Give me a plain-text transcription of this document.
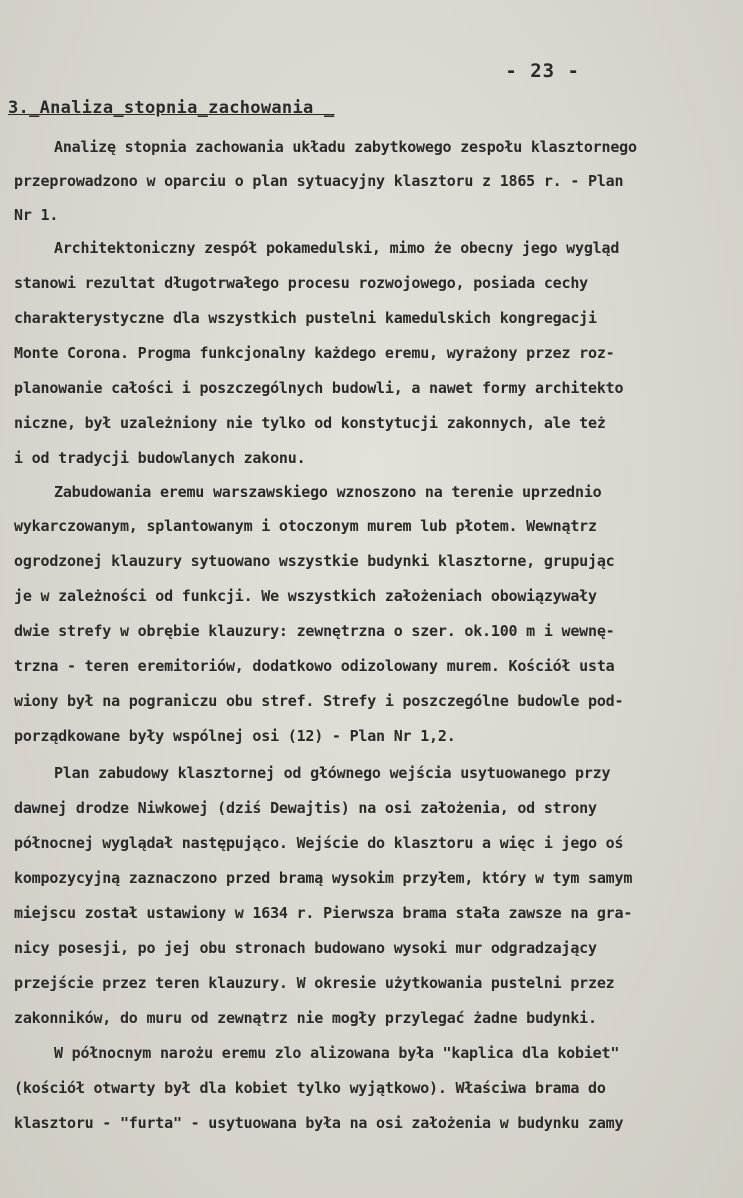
- 23 -
3._Analiza_stopnia_zachowania _
Analizę stopnia zachowania układu zabytkowego zespołu klasztornego
przeprowadzono w oparciu o plan sytuacyjny klasztoru z 1865 r. - Plan
Nr 1.
Architektoniczny zespół pokamedulski, mimo że obecny jego wygląd
stanowi rezultat długotrwałego procesu rozwojowego, posiada cechy
charakterystyczne dla wszystkich pustelni kamedulskich kongregacji
Monte Corona. Progma funkcjonalny każdego eremu, wyrażony przez roz-
planowanie całości i poszczególnych budowli, a nawet formy architekto
niczne, był uzależniony nie tylko od konstytucji zakonnych, ale też
i od tradycji budowlanych zakonu.
Zabudowania eremu warszawskiego wznoszono na terenie uprzednio
wykarczowanym, splantowanym i otoczonym murem lub płotem. Wewnątrz
ogrodzonej klauzury sytuowano wszystkie budynki klasztorne, grupując
je w zależności od funkcji. We wszystkich założeniach obowiązywały
dwie strefy w obrębie klauzury: zewnętrzna o szer. ok.100 m i wewnę-
trzna - teren eremitoriów, dodatkowo odizolowany murem. Kościół usta
wiony był na pograniczu obu stref. Strefy i poszczególne budowle pod-
porządkowane były wspólnej osi (12) - Plan Nr 1,2.
Plan zabudowy klasztornej od głównego wejścia usytuowanego przy
dawnej drodze Niwkowej (dziś Dewajtis) na osi założenia, od strony
północnej wyglądał następująco. Wejście do klasztoru a więc i jego oś
kompozycyjną zaznaczono przed bramą wysokim przyłem, który w tym samym
miejscu został ustawiony w 1634 r. Pierwsza brama stała zawsze na gra-
nicy posesji, po jej obu stronach budowano wysoki mur odgradzający
przejście przez teren klauzury. W okresie użytkowania pustelni przez
zakonników, do muru od zewnątrz nie mogły przylegać żadne budynki.
W północnym narożu eremu zlo alizowana była "kaplica dla kobiet"
(kościół otwarty był dla kobiet tylko wyjątkowo). Właściwa brama do
klasztoru - "furta" - usytuowana była na osi założenia w budynku zamy
